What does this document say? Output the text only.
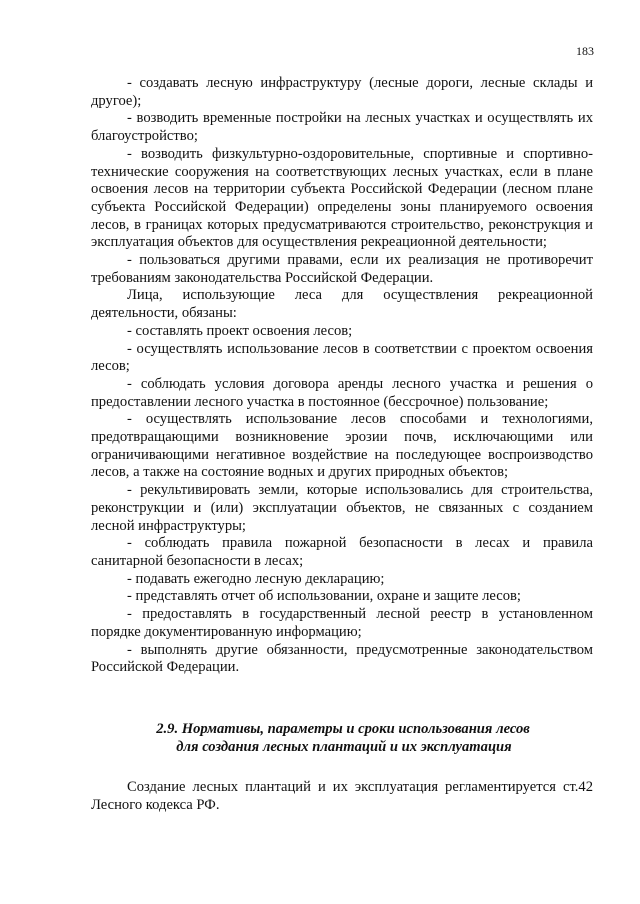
183

- создавать лесную инфраструктуру (лесные дороги, лесные склады и другое);

- возводить временные постройки на лесных участках и осуществлять их благоустройство;

- возводить физкультурно-оздоровительные, спортивные и спортивно-технические сооружения на соответствующих лесных участках, если в плане освоения лесов на территории субъекта Российской Федерации (лесном плане субъекта Российской Федерации) определены зоны планируемого освоения лесов, в границах которых предусматриваются строительство, реконструкция и эксплуатация объектов для осуществления рекреационной деятельности;

- пользоваться другими правами, если их реализация не противоречит требованиям законодательства Российской Федерации.

Лица, использующие леса для осуществления рекреационной деятельности, обязаны:

- составлять проект освоения лесов;

- осуществлять использование лесов в соответствии с проектом освоения лесов;

- соблюдать условия договора аренды лесного участка и решения о предоставлении лесного участка в постоянное (бессрочное) пользование;

- осуществлять использование лесов способами и технологиями, предотвращающими возникновение эрозии почв, исключающими или ограничивающими негативное воздействие на последующее воспроизводство лесов, а также на состояние водных и других природных объектов;

- рекультивировать земли, которые использовались для строительства, реконструкции и (или) эксплуатации объектов, не связанных с созданием лесной инфраструктуры;

- соблюдать правила пожарной безопасности в лесах и правила санитарной безопасности в лесах;

- подавать ежегодно лесную декларацию;

- представлять отчет об использовании, охране и защите лесов;

- предоставлять в государственный лесной реестр в установленном порядке документированную информацию;

- выполнять другие обязанности, предусмотренные законодательством Российской Федерации.

2.9. Нормативы, параметры и сроки использования лесов
для создания лесных плантаций и их эксплуатация

Создание лесных плантаций и их эксплуатация регламентируется ст.42 Лесного кодекса РФ.
